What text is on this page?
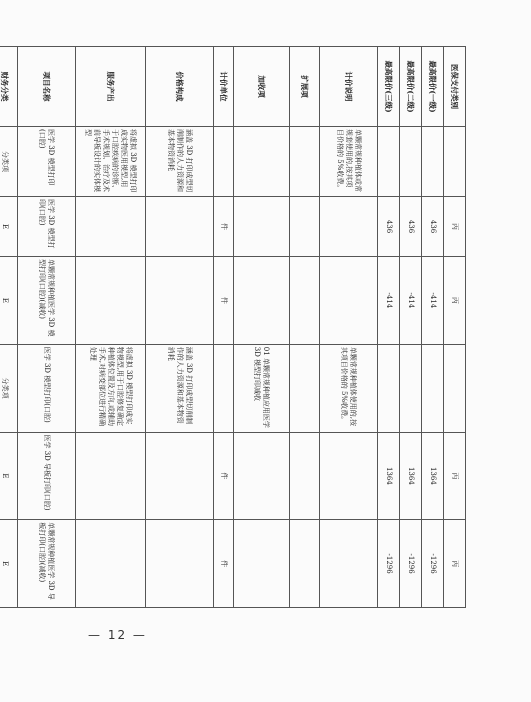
医保支付类别		丙	丙		丙	丙
最高限价(一级)		436	-414		1364	-1296
最高限价(二级)		436	-414		1364	-1296
最高限价(三级)		436	-414		1364	-1296
计价说明	单颗常规种植体或常规套使用的,按其项目价格的 5%收费。			单颗常规种植体使用的,按其项目价格的 5%收费。		
扩展项						
加收项				01 单颗常规种植应用医学 3D 模型打印减收		
计价单位		件	件		件	件
价格构成	涵盖 3D 打印成型切削制作的人力资源和基本物资消耗			涵盖 3D 打印成型切削制作的人力资源和基本物资消耗		
服务产出	将虚拟 3D 模型打印成实物医用模型,用于口腔疾病的诊断、手术规划、治疗及术前导板设计的实体模型			将虚拟 3D 模型打印成实物模型,用于口腔修复确定种植体位置及方向,或辅助手术,对病变部位进行精确处理		
项目名称	医学 3D 模型打印(口腔)	医学 3D 模型打印(口腔)	单颗常规种植医学 3D 模型打印(口腔)(减收)	医学 3D 模型打印(口腔)	医学 3D 导板打印(口腔)	单颗常规种植医学 3D 导板打印(口腔)(减收)
财务分类	分类项	E	E	分类项	E	E

— 12 —
